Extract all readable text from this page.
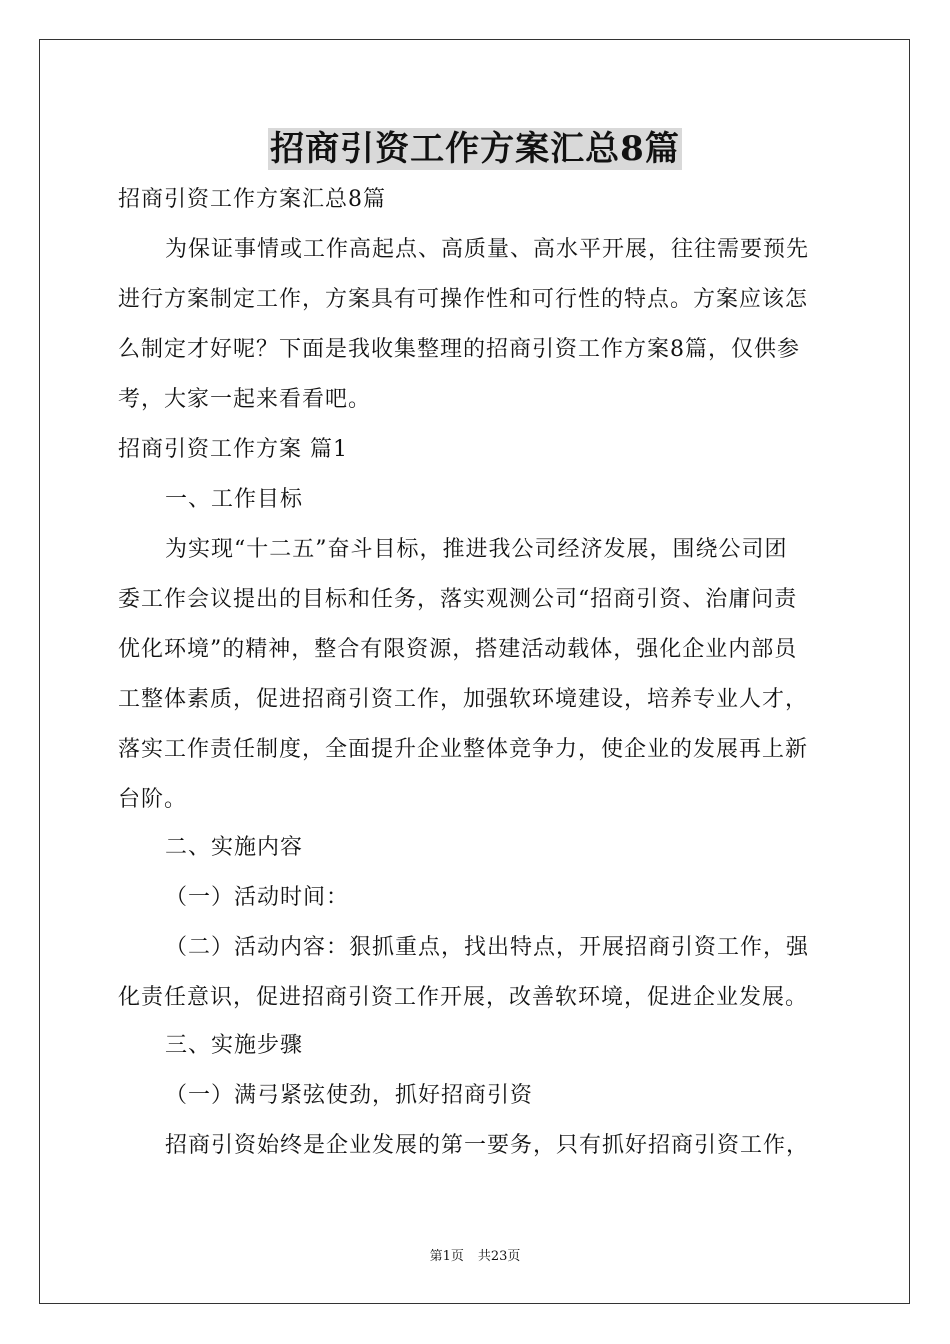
招商引资工作方案汇总8篇
招商引资工作方案汇总8篇
为保证事情或工作高起点、高质量、高水平开展，往往需要预先
进行方案制定工作，方案具有可操作性和可行性的特点。方案应该怎
么制定才好呢？下面是我收集整理的招商引资工作方案8篇，仅供参
考，大家一起来看看吧。
招商引资工作方案 篇1
一、工作目标
为实现“十二五”奋斗目标，推进我公司经济发展，围绕公司团
委工作会议提出的目标和任务，落实观测公司“招商引资、治庸问责
优化环境”的精神，整合有限资源，搭建活动载体，强化企业内部员
工整体素质，促进招商引资工作，加强软环境建设，培养专业人才，
落实工作责任制度，全面提升企业整体竞争力，使企业的发展再上新
台阶。
二、实施内容
（一）活动时间：
（二）活动内容：狠抓重点，找出特点，开展招商引资工作，强
化责任意识，促进招商引资工作开展，改善软环境，促进企业发展。
三、实施步骤
（一）满弓紧弦使劲，抓好招商引资
招商引资始终是企业发展的第一要务，只有抓好招商引资工作，
第1页 共23页
